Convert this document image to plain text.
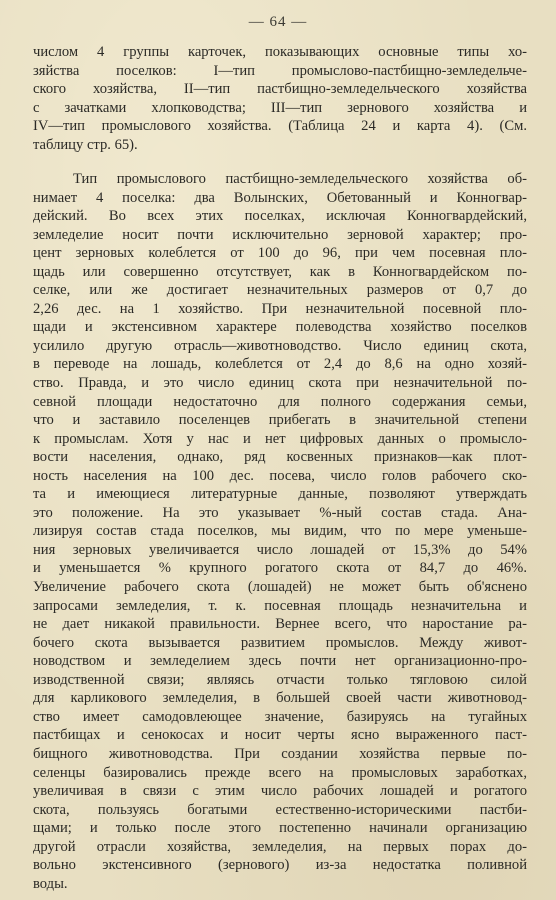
— 64 —
числом 4 группы карточек, показывающих основные типы хо-
зяйства поселков: I—тип промыслово-пастбищно-земледельче-
ского хозяйства, II—тип пастбищно-земледельческого хозяйства
с зачатками хлопководства; III—тип зернового хозяйства и
IV—тип промыслового хозяйства. (Таблица 24 и карта 4). (См.
таблицу стр. 65).
Тип промыслового пастбищно-земледельческого хозяйства об-
нимает 4 поселка: два Волынских, Обетованный и Конногвар-
дейский. Во всех этих поселках, исключая Конногвардейский,
земледелие носит почти исключительно зерновой характер; про-
цент зерновых колеблется от 100 до 96, при чем посевная пло-
щадь или совершенно отсутствует, как в Конногвардейском по-
селке, или же достигает незначительных размеров от 0,7 до
2,26 дес. на 1 хозяйство. При незначительной посевной пло-
щади и экстенсивном характере полеводства хозяйство поселков
усилило другую отрасль—животноводство. Число единиц скота,
в переводе на лошадь, колеблется от 2,4 до 8,6 на одно хозяй-
ство. Правда, и это число единиц скота при незначительной по-
севной площади недостаточно для полного содержания семьи,
что и заставило поселенцев прибегать в значительной степени
к промыслам. Хотя у нас и нет цифровых данных о промысло-
вости населения, однако, ряд косвенных признаков—как плот-
ность населения на 100 дес. посева, число голов рабочего ско-
та и имеющиеся литературные данные, позволяют утверждать
это положение. На это указывает %-ный состав стада. Ана-
лизируя состав стада поселков, мы видим, что по мере уменьше-
ния зерновых увеличивается число лошадей от 15,3% до 54%
и уменьшается % крупного рогатого скота от 84,7 до 46%.
Увеличение рабочего скота (лошадей) не может быть об'яснено
запросами земледелия, т. к. посевная площадь незначительна и
не дает никакой правильности. Вернее всего, что наростание ра-
бочего скота вызывается развитием промыслов. Между живот-
новодством и земледелием здесь почти нет организационно-про-
изводственной связи; являясь отчасти только тягловою силой
для карликового земледелия, в большей своей части животновод-
ство имеет самодовлеющее значение, базируясь на тугайных
пастбищах и сенокосах и носит черты ясно выраженного паст-
бищного животноводства. При создании хозяйства первые по-
селенцы базировались прежде всего на промысловых заработках,
увеличивая в связи с этим число рабочих лошадей и рогатого
скота, пользуясь богатыми естественно-историческими пастби-
щами; и только после этого постепенно начинали организацию
другой отрасли хозяйства, земледелия, на первых порах до-
вольно экстенсивного (зернового) из-за недостатка поливной
воды.
